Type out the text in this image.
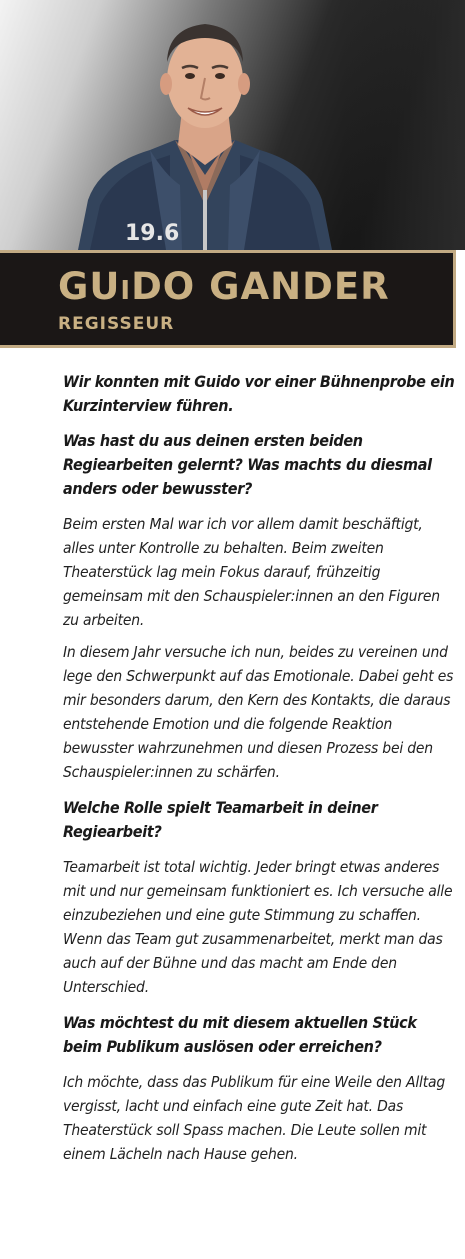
19.6
GUiDO GANDER
REGISSEUR

Wir konnten mit Guido vor einer Bühnenprobe ein Kurzinterview führen.

Was hast du aus deinen ersten beiden Regiearbeiten gelernt? Was machts du diesmal anders oder bewusster?

Beim ersten Mal war ich vor allem damit beschäftigt, alles unter Kontrolle zu behalten. Beim zweiten Theaterstück lag mein Fokus darauf, frühzeitig gemeinsam mit den Schauspieler:innen an den Figuren zu arbeiten.

In diesem Jahr versuche ich nun, beides zu vereinen und lege den Schwerpunkt auf das Emotionale. Dabei geht es mir besonders darum, den Kern des Kontakts, die daraus entstehende Emotion und die folgende Reaktion bewusster wahrzunehmen und diesen Prozess bei den Schauspieler:innen zu schärfen.

Welche Rolle spielt Teamarbeit in deiner Regiearbeit?

Teamarbeit ist total wichtig. Jeder bringt etwas anderes mit und nur gemeinsam funktioniert es. Ich versuche alle einzubeziehen und eine gute Stimmung zu schaffen. Wenn das Team gut zusammenarbeitet, merkt man das auch auf der Bühne und das macht am Ende den Unterschied.

Was möchtest du mit diesem aktuellen Stück beim Publikum auslösen oder erreichen?

Ich möchte, dass das Publikum für eine Weile den Alltag vergisst, lacht und einfach eine gute Zeit hat. Das Theaterstück soll Spass machen. Die Leute sollen mit einem Lächeln nach Hause gehen.
